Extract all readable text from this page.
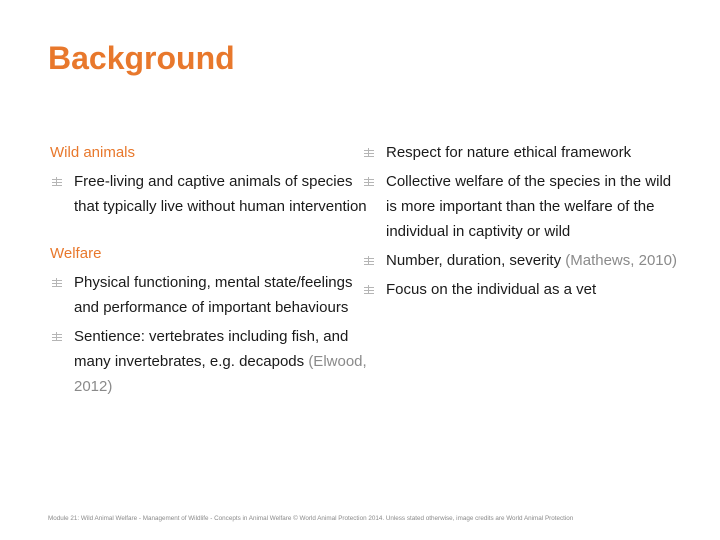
Background

Wild animals

Free-living and captive animals of species that typically live without human intervention

Welfare

Physical functioning, mental state/feelings and performance of important behaviours
Sentience: vertebrates including fish, and many invertebrates, e.g. decapods (Elwood, 2012)
Respect for nature ethical framework
Collective welfare of the species in the wild is more important than the welfare of the individual in captivity or wild
Number, duration, severity (Mathews, 2010)
Focus on the individual as a vet
Module 21: Wild Animal Welfare - Management of Wildlife - Concepts in Animal Welfare © World Animal Protection 2014. Unless stated otherwise, image credits are World Animal Protection
